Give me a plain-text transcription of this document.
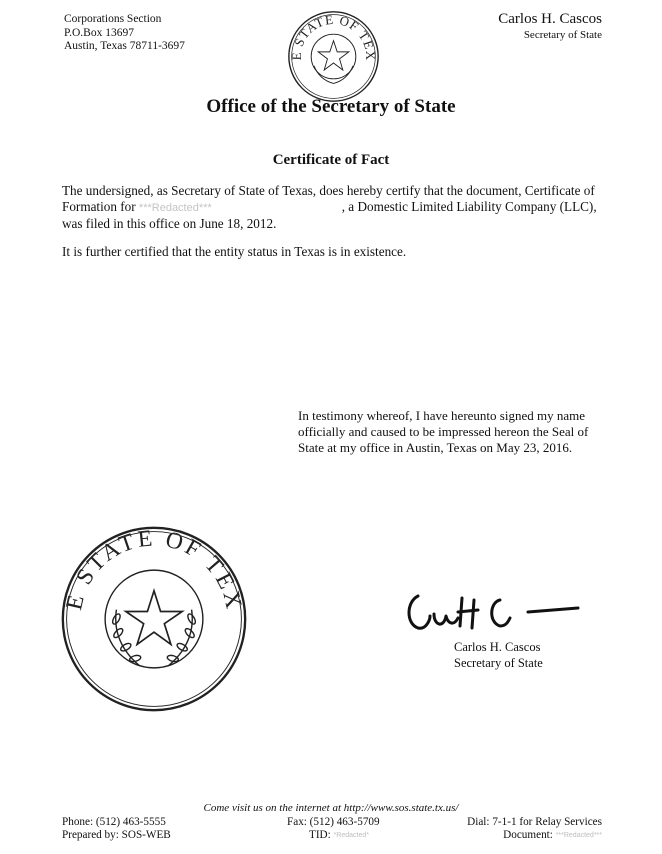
Corporations Section
P.O.Box 13697
Austin, Texas 78711-3697
Carlos H. Cascos
Secretary of State
E STATE OF TEX
Office of the Secretary of State
Certificate of Fact
The undersigned, as Secretary of State of Texas, does hereby certify that the document, Certificate of Formation for ***Redacted***	, a Domestic Limited Liability Company (LLC), was filed in this office on June 18, 2012.
It is further certified that the entity status in Texas is in existence.
In testimony whereof, I have hereunto signed my name officially and caused to be impressed hereon the Seal of State at my office in Austin, Texas on May 23, 2016.
E STATE OF TEX
Carlos H. Cascos
Secretary of State
Come visit us on the internet at http://www.sos.state.tx.us/
Phone: (512) 463-5555	Fax: (512) 463-5709	Dial: 7-1-1 for Relay Services
Prepared by: SOS-WEB	TID: *Redacted*	Document: ***Redacted***
